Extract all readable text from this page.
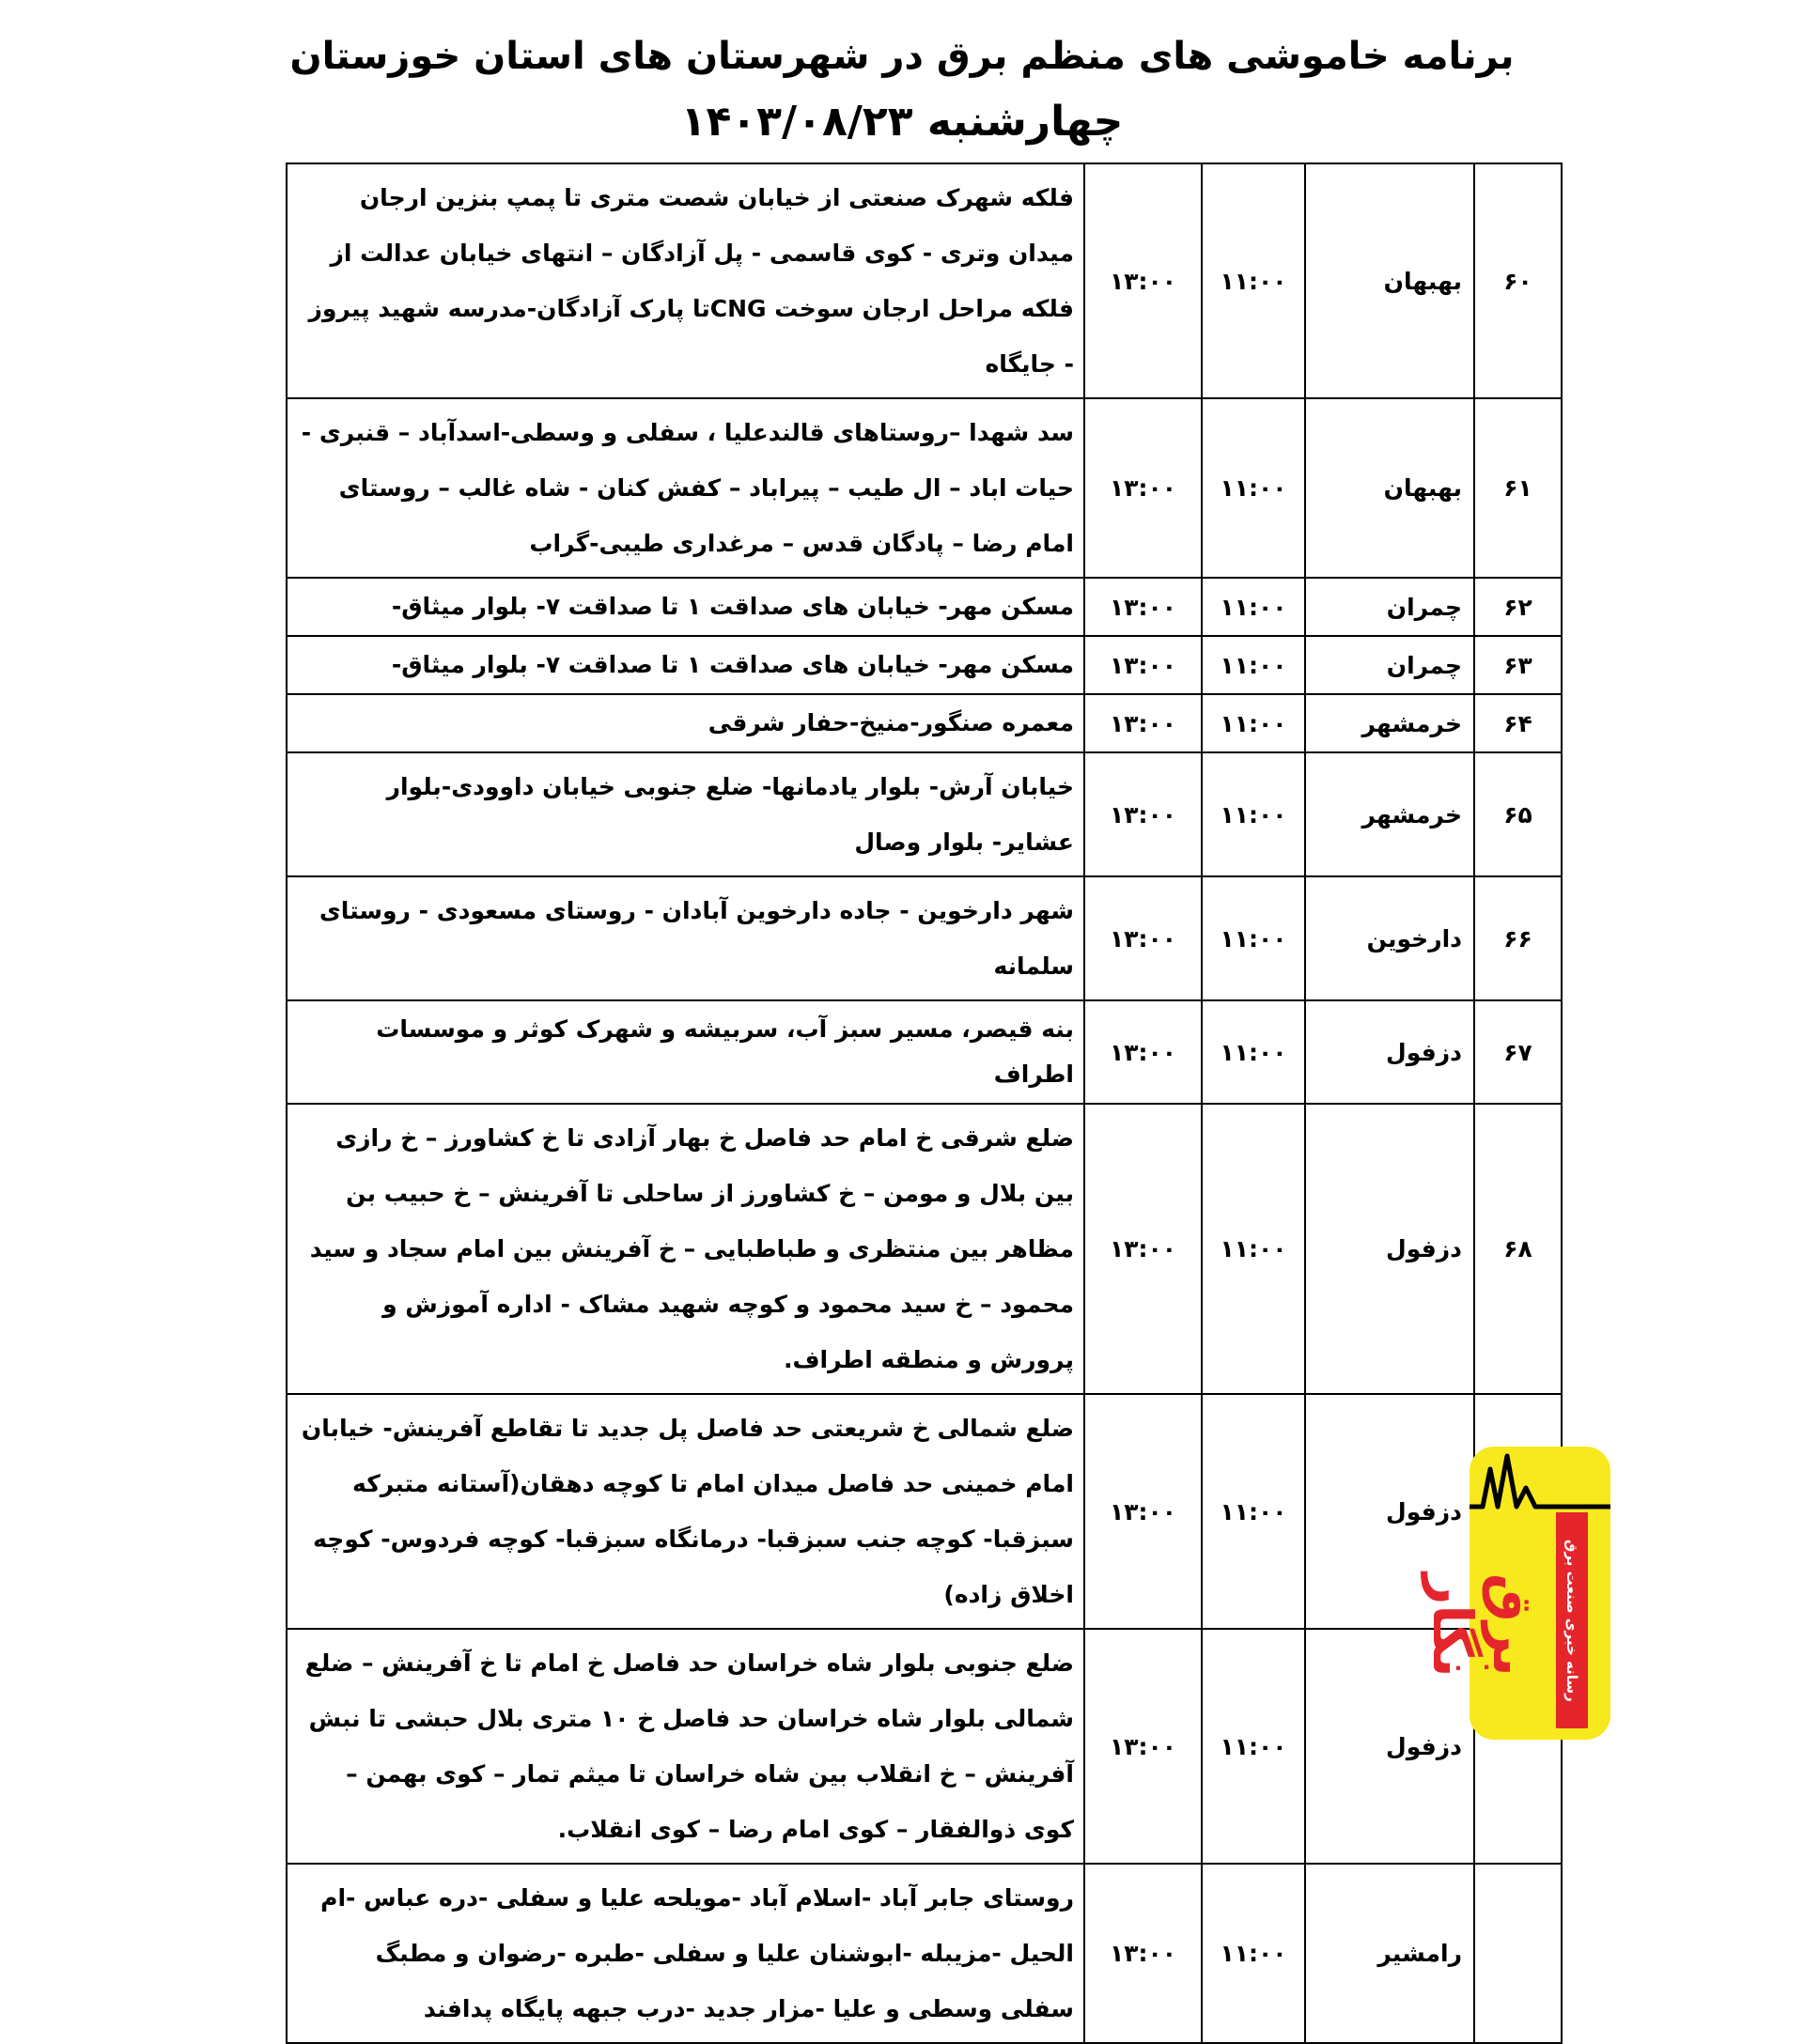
برنامه خاموشی های منظم برق در شهرستان های استان خوزستان
چهارشنبه ۱۴۰۳/۰۸/۲۳
۶۰	بهبهان	۱۱:۰۰	۱۳:۰۰	فلکه شهرک صنعتی از خیابان شصت متری تا پمپ بنزین ارجان میدان وتری - کوی قاسمی - پل آزادگان – انتهای خیابان عدالت از فلکه مراحل ارجان سوخت CNGتا پارک آزادگان-مدرسه شهید پیروز - جایگاه
۶۱	بهبهان	۱۱:۰۰	۱۳:۰۰	سد شهدا –روستاهای قالندعلیا ، سفلی و وسطی-اسدآباد – قنبری - حیات اباد – ال طیب – پیراباد – کفش کنان - شاه غالب – روستای امام رضا – پادگان قدس – مرغداری طیبی-گراب
۶۲	چمران	۱۱:۰۰	۱۳:۰۰	مسکن مهر- خیابان های صداقت ۱ تا صداقت ۷- بلوار میثاق-
۶۳	چمران	۱۱:۰۰	۱۳:۰۰	مسکن مهر- خیابان های صداقت ۱ تا صداقت ۷- بلوار میثاق-
۶۴	خرمشهر	۱۱:۰۰	۱۳:۰۰	معمره صنگور-منیخ-حفار شرقی
۶۵	خرمشهر	۱۱:۰۰	۱۳:۰۰	خیابان آرش- بلوار یادمانها- ضلع جنوبی خیابان داوودی-بلوار عشایر- بلوار وصال
۶۶	دارخوین	۱۱:۰۰	۱۳:۰۰	شهر دارخوین - جاده دارخوین آبادان - روستای مسعودی - روستای سلمانه
۶۷	دزفول	۱۱:۰۰	۱۳:۰۰	بنه قیصر، مسیر سبز آب، سربیشه و شهرک کوثر و موسسات اطراف
۶۸	دزفول	۱۱:۰۰	۱۳:۰۰	ضلع شرقی خ امام حد فاصل خ بهار آزادی تا خ کشاورز – خ رازی بین بلال و مومن – خ کشاورز از ساحلی تا آفرینش – خ حبیب بن مظاهر بین منتظری و طباطبایی – خ آفرینش بین امام سجاد و سید محمود – خ سید محمود و کوچه شهید مشاک - اداره آموزش و پرورش و منطقه اطراف.
	دزفول	۱۱:۰۰	۱۳:۰۰	ضلع شمالی خ شریعتی حد فاصل پل جدید تا تقاطع آفرینش- خیابان امام خمینی حد فاصل میدان امام تا کوچه دهقان(آستانه متبرکه سبزقبا- کوچه جنب سبزقبا- درمانگاه سبزقبا- کوچه فردوس- کوچه اخلاق زاده)
	دزفول	۱۱:۰۰	۱۳:۰۰	ضلع جنوبی بلوار شاه خراسان حد فاصل خ امام تا خ آفرینش – ضلع شمالی بلوار شاه خراسان حد فاصل خ ۱۰ متری بلال حبشی تا نبش آفرینش – خ انقلاب بین شاه خراسان تا میثم تمار – کوی بهمن – کوی ذوالفقار – کوی امام رضا – کوی انقلاب.
	رامشیر	۱۱:۰۰	۱۳:۰۰	روستای جابر آباد -اسلام آباد -مویلحه علیا و سفلی -دره عباس -ام الحیل -مزیبله -ابوشنان علیا و سفلی -طبره -رضوان و مطبگ سفلی وسطی و علیا -مزار جدید -درب جبهه پایگاه پدافند
برق نگار	رسانه خبری صنعت برق
